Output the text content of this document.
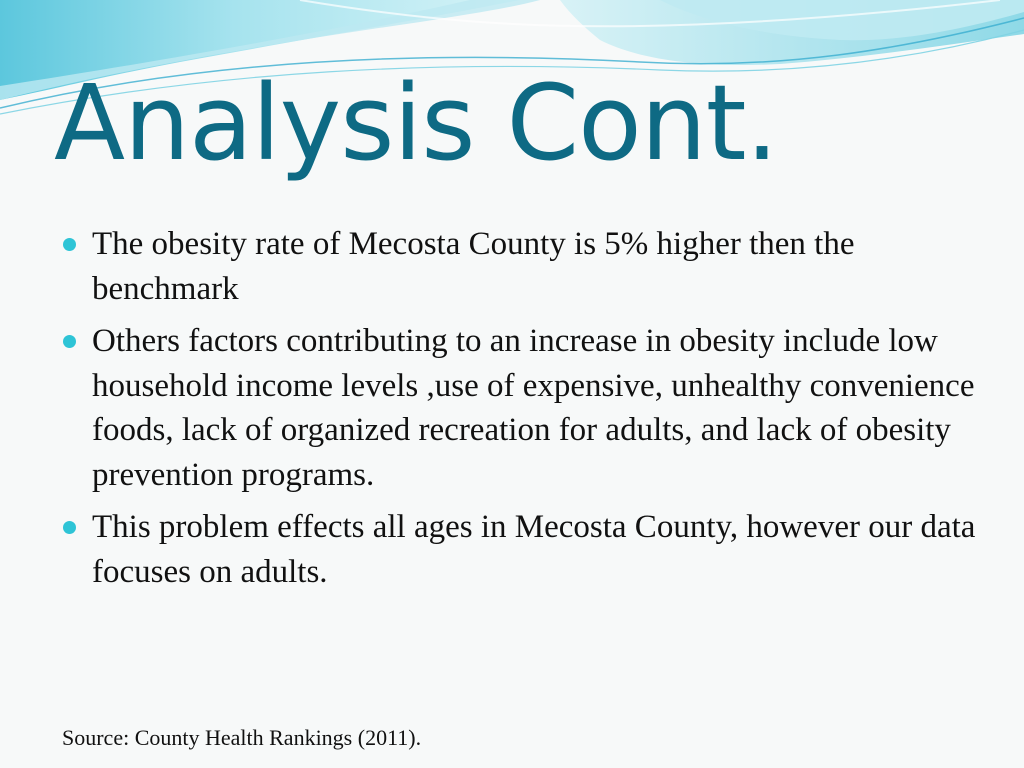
Analysis Cont.
The obesity rate of Mecosta County is 5% higher then the benchmark
Others factors contributing to an increase in obesity include low household income levels ,use of expensive, unhealthy convenience foods, lack of organized recreation for adults, and lack of obesity prevention programs.
This problem effects all ages in Mecosta County, however our data focuses on adults.

Source: County Health Rankings (2011).
